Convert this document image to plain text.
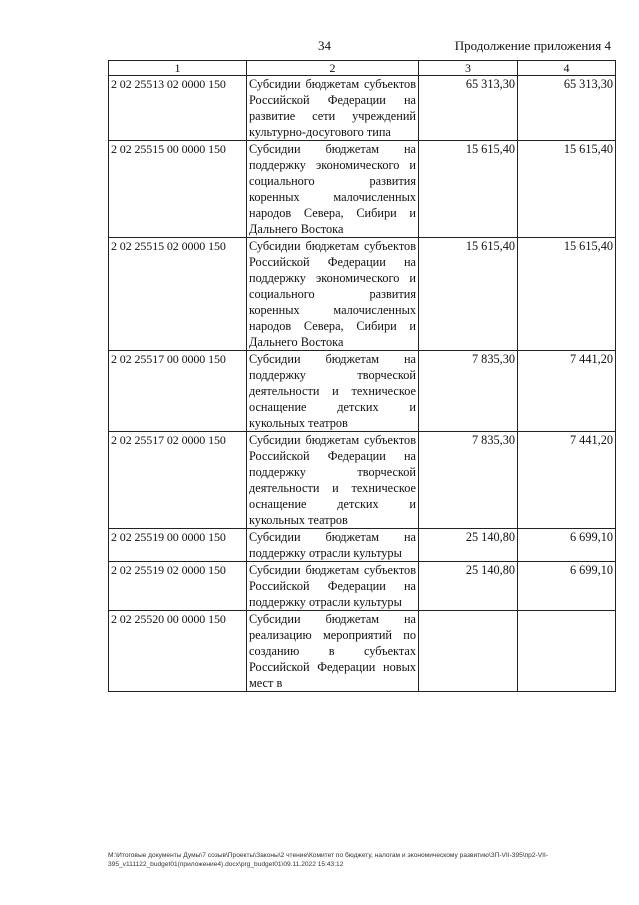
34	Продолжение приложения 4
1	2	3	4
2 02 25513 02 0000 150	Субсидии бюджетам субъектов Российской Федерации на развитие сети учреждений культурно-досугового типа	65 313,30	65 313,30
2 02 25515 00 0000 150	Субсидии бюджетам на поддержку экономического и социального развития коренных малочисленных народов Севера, Сибири и Дальнего Востока	15 615,40	15 615,40
2 02 25515 02 0000 150	Субсидии бюджетам субъектов Российской Федерации на поддержку экономического и социального развития коренных малочисленных народов Севера, Сибири и Дальнего Востока	15 615,40	15 615,40
2 02 25517 00 0000 150	Субсидии бюджетам на поддержку творческой деятельности и техническое оснащение детских и кукольных театров	7 835,30	7 441,20
2 02 25517 02 0000 150	Субсидии бюджетам субъектов Российской Федерации на поддержку творческой деятельности и техническое оснащение детских и кукольных театров	7 835,30	7 441,20
2 02 25519 00 0000 150	Субсидии бюджетам на поддержку отрасли культуры	25 140,80	6 699,10
2 02 25519 02 0000 150	Субсидии бюджетам субъектов Российской Федерации на поддержку отрасли культуры	25 140,80	6 699,10
2 02 25520 00 0000 150	Субсидии бюджетам на реализацию мероприятий по созданию в субъектах Российской Федерации новых мест в		
M:\Итоговые документы Думы\7 созыв\Проекты\Законы\2 чтение\Комитет по бюджету, налогам и экономическому развитию\ЗП-VII-395\пр2-VII-395_v111122_budget01(приложение4).docx\prg_budget01\09.11.2022 15:43:12
